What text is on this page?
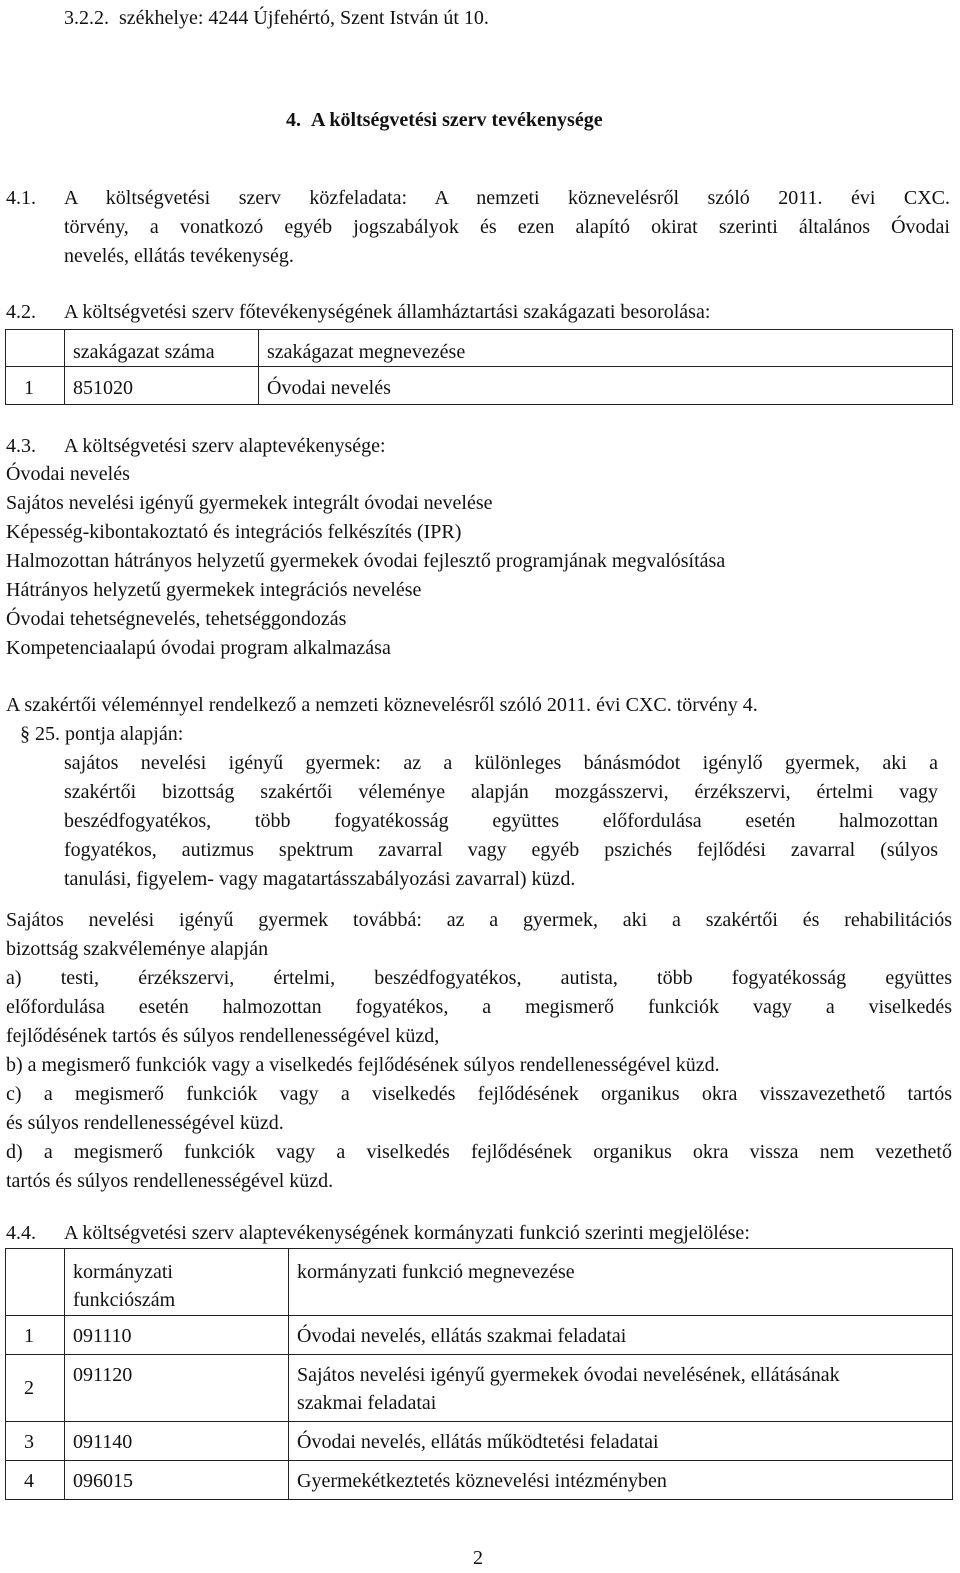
3.2.2. székhelye: 4244 Újfehértó, Szent István út 10.
4. A költségvetési szerv tevékenysége
4.1. A költségvetési szerv közfeladata: A nemzeti köznevelésről szóló 2011. évi CXC.
törvény, a vonatkozó egyéb jogszabályok és ezen alapító okirat szerinti általános Óvodai
nevelés, ellátás tevékenység.
4.2. A költségvetési szerv főtevékenységének államháztartási szakágazati besorolása:
	szakágazat száma	szakágazat megnevezése
1	851020	Óvodai nevelés
4.3. A költségvetési szerv alaptevékenysége:
Óvodai nevelés
Sajátos nevelési igényű gyermekek integrált óvodai nevelése
Képesség-kibontakoztató és integrációs felkészítés (IPR)
Halmozottan hátrányos helyzetű gyermekek óvodai fejlesztő programjának megvalósítása
Hátrányos helyzetű gyermekek integrációs nevelése
Óvodai tehetségnevelés, tehetséggondozás
Kompetenciaalapú óvodai program alkalmazása
A szakértői véleménnyel rendelkező a nemzeti köznevelésről szóló 2011. évi CXC. törvény 4.
§ 25. pontja alapján:
sajátos nevelési igényű gyermek: az a különleges bánásmódot igénylő gyermek, aki a
szakértői bizottság szakértői véleménye alapján mozgásszervi, érzékszervi, értelmi vagy
beszédfogyatékos, több fogyatékosság együttes előfordulása esetén halmozottan
fogyatékos, autizmus spektrum zavarral vagy egyéb pszichés fejlődési zavarral (súlyos
tanulási, figyelem- vagy magatartásszabályozási zavarral) küzd.
Sajátos nevelési igényű gyermek továbbá: az a gyermek, aki a szakértői és rehabilitációs
bizottság szakvéleménye alapján
a) testi, érzékszervi, értelmi, beszédfogyatékos, autista, több fogyatékosság együttes
előfordulása esetén halmozottan fogyatékos, a megismerő funkciók vagy a viselkedés
fejlődésének tartós és súlyos rendellenességével küzd,
b) a megismerő funkciók vagy a viselkedés fejlődésének súlyos rendellenességével küzd.
c) a megismerő funkciók vagy a viselkedés fejlődésének organikus okra visszavezethető tartós
és súlyos rendellenességével küzd.
d) a megismerő funkciók vagy a viselkedés fejlődésének organikus okra vissza nem vezethető
tartós és súlyos rendellenességével küzd.
4.4. A költségvetési szerv alaptevékenységének kormányzati funkció szerinti megjelölése:
	kormányzati funkciószám	kormányzati funkció megnevezése
1	091110	Óvodai nevelés, ellátás szakmai feladatai
2	091120	Sajátos nevelési igényű gyermekek óvodai nevelésének, ellátásának szakmai feladatai
3	091140	Óvodai nevelés, ellátás működtetési feladatai
4	096015	Gyermekétkeztetés köznevelési intézményben
2
